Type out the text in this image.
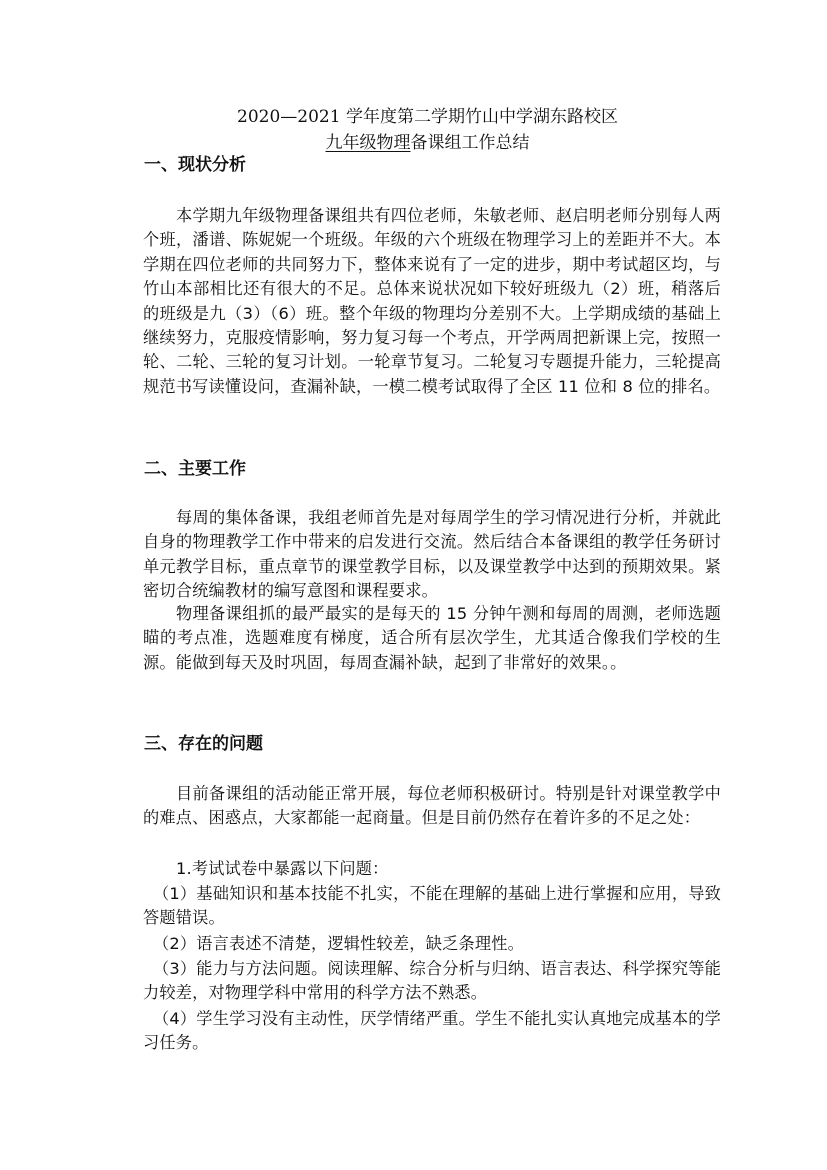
2020—2021 学年度第二学期竹山中学湖东路校区
九年级物理备课组工作总结
一、现状分析
本学期九年级物理备课组共有四位老师，朱敏老师、赵启明老师分别每人两个班，潘谱、陈妮妮一个班级。年级的六个班级在物理学习上的差距并不大。本学期在四位老师的共同努力下，整体来说有了一定的进步，期中考试超区均，与竹山本部相比还有很大的不足。总体来说状况如下较好班级九（2）班，稍落后的班级是九（3）（6）班。整个年级的物理均分差别不大。上学期成绩的基础上继续努力，克服疫情影响，努力复习每一个考点，开学两周把新课上完，按照一轮、二轮、三轮的复习计划。一轮章节复习。二轮复习专题提升能力，三轮提高规范书写读懂设问，查漏补缺，一模二模考试取得了全区 11 位和 8 位的排名。
二、主要工作
每周的集体备课，我组老师首先是对每周学生的学习情况进行分析，并就此自身的物理教学工作中带来的启发进行交流。然后结合本备课组的教学任务研讨单元教学目标，重点章节的课堂教学目标，以及课堂教学中达到的预期效果。紧密切合统编教材的编写意图和课程要求。
物理备课组抓的最严最实的是每天的 15 分钟午测和每周的周测，老师选题瞄的考点准，选题难度有梯度，适合所有层次学生，尤其适合像我们学校的生源。能做到每天及时巩固，每周查漏补缺，起到了非常好的效果。。
三、存在的问题
目前备课组的活动能正常开展，每位老师积极研讨。特别是针对课堂教学中的难点、困惑点，大家都能一起商量。但是目前仍然存在着许多的不足之处：
1.考试试卷中暴露以下问题：
（1）基础知识和基本技能不扎实，不能在理解的基础上进行掌握和应用，导致答题错误。
（2）语言表述不清楚，逻辑性较差，缺乏条理性。
（3）能力与方法问题。阅读理解、综合分析与归纳、语言表达、科学探究等能力较差，对物理学科中常用的科学方法不熟悉。
（4）学生学习没有主动性，厌学情绪严重。学生不能扎实认真地完成基本的学习任务。
